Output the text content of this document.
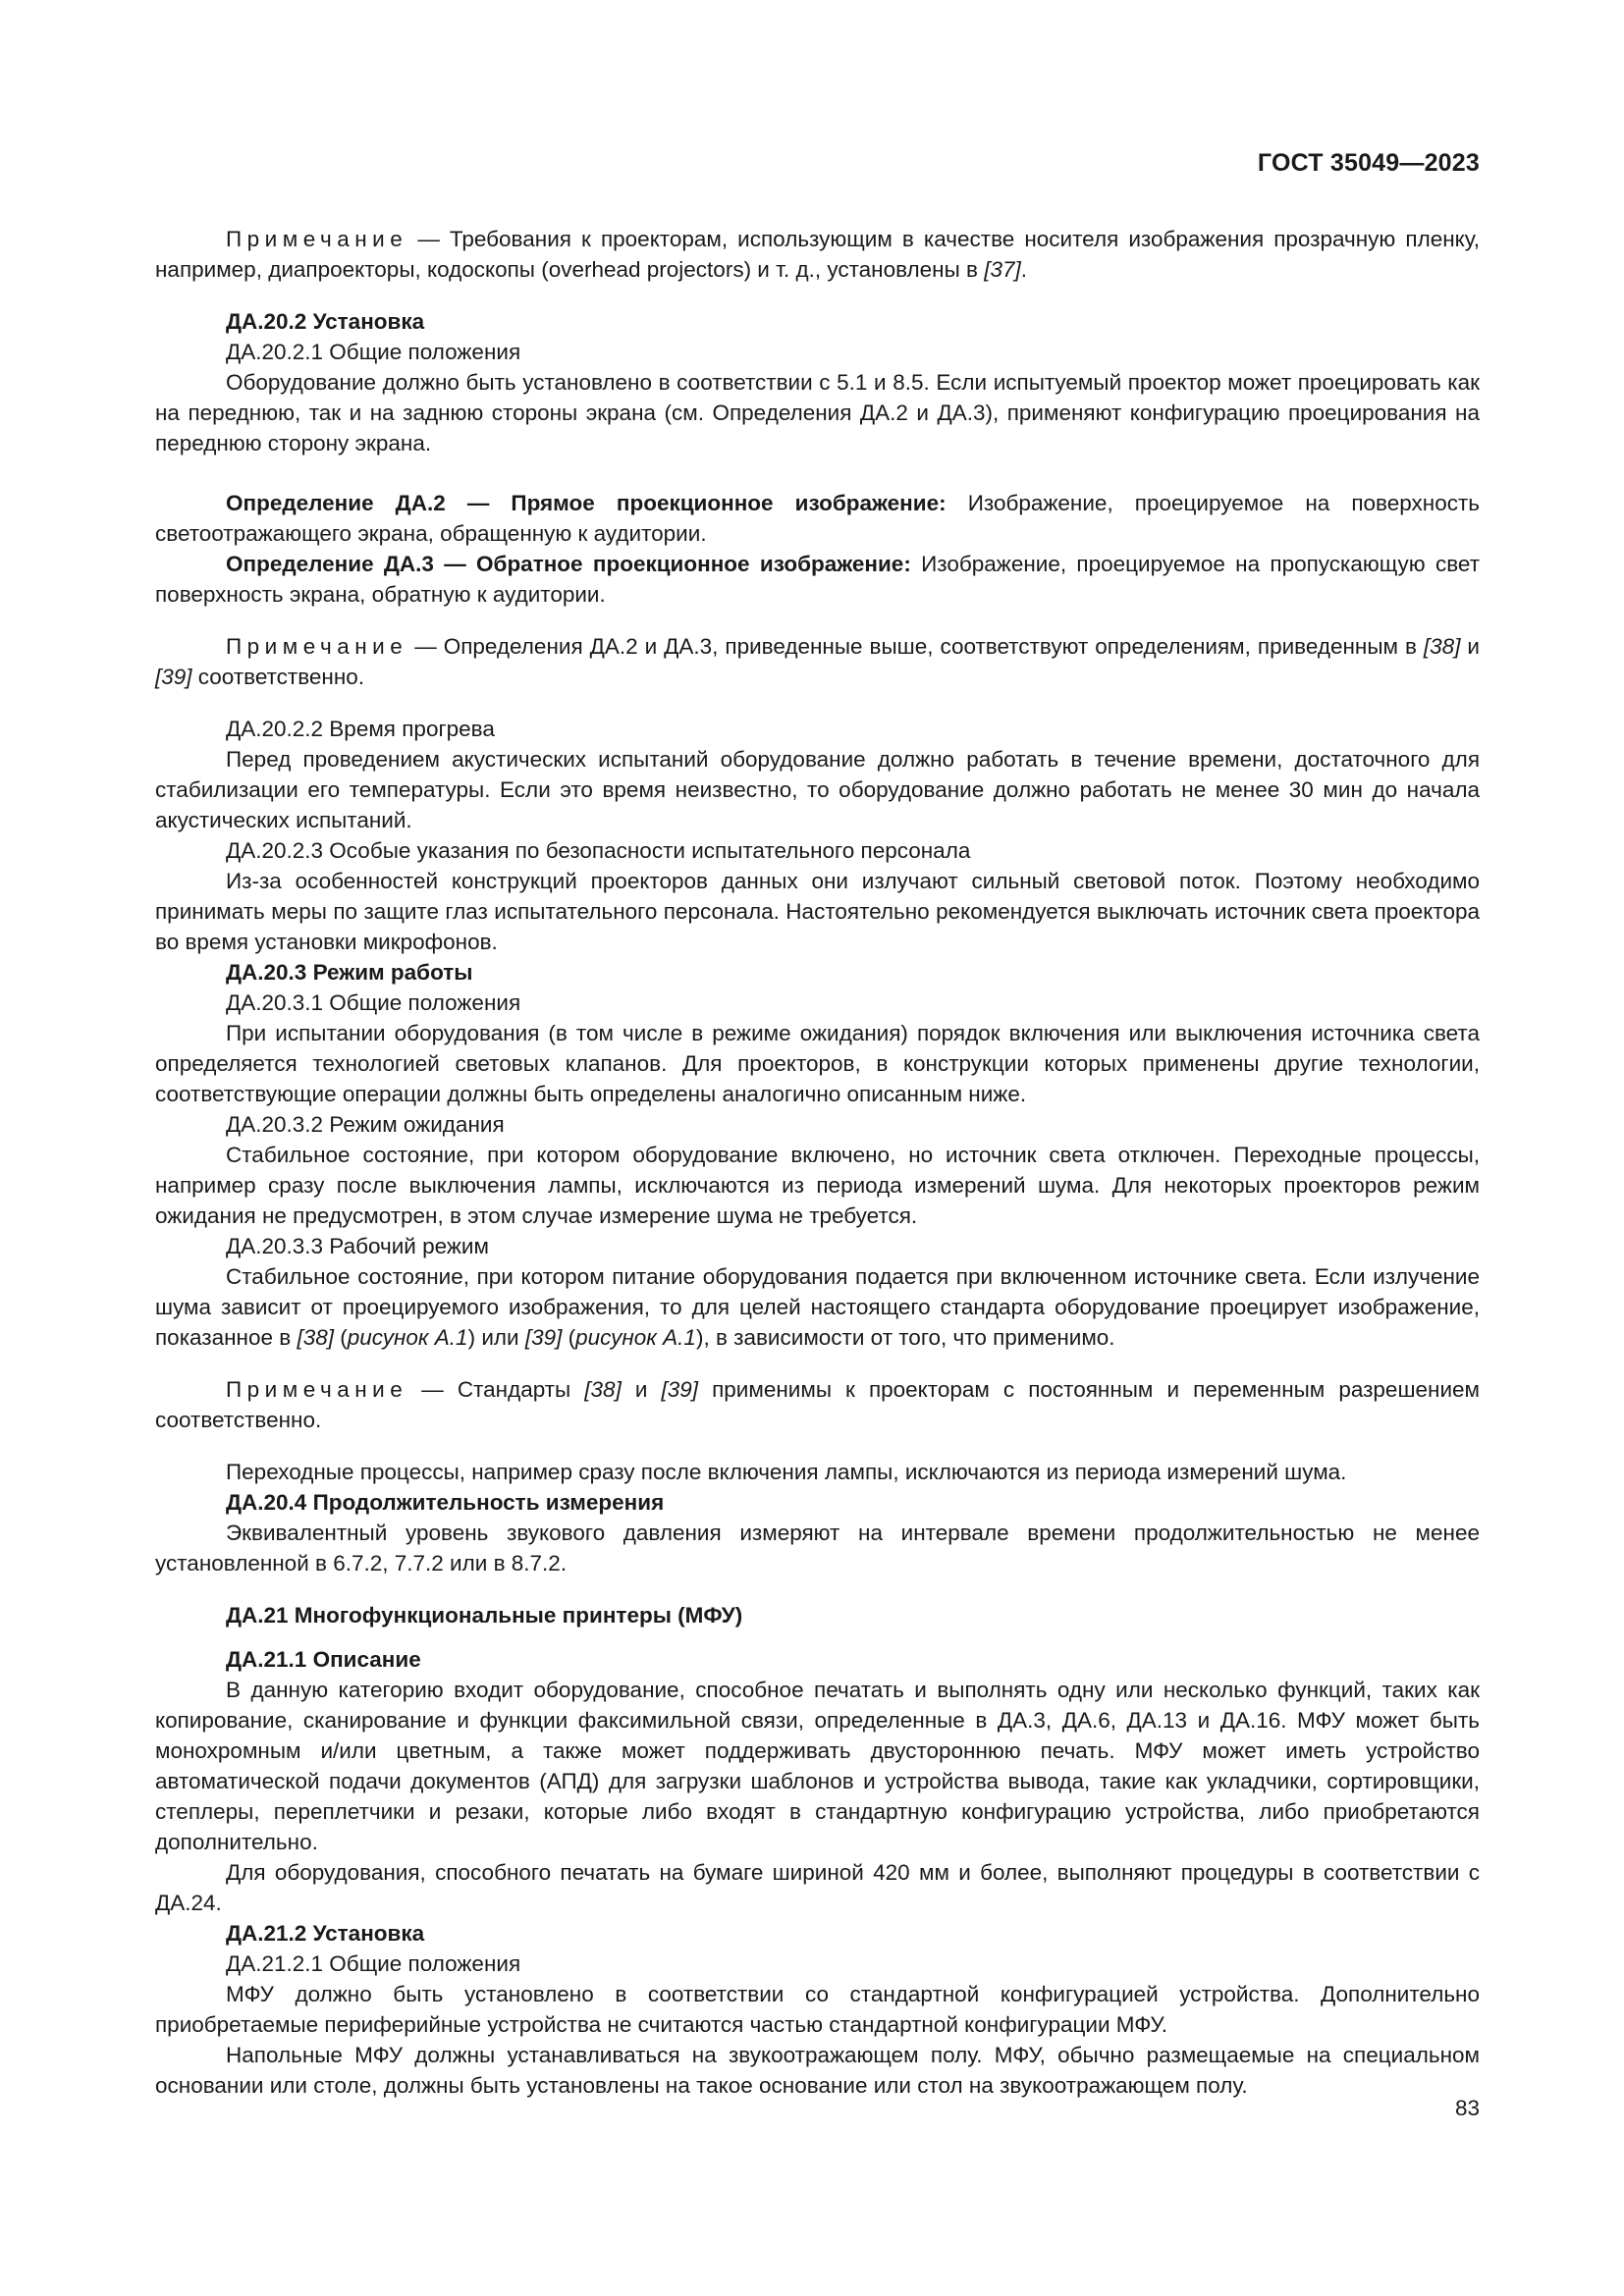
ГОСТ 35049—2023

Примечание — Требования к проекторам, использующим в качестве носителя изображения прозрачную пленку, например, диапроекторы, кодоскопы (overhead projectors) и т. д., установлены в [37].

ДА.20.2 Установка

ДА.20.2.1 Общие положения

Оборудование должно быть установлено в соответствии с 5.1 и 8.5. Если испытуемый проектор может проецировать как на переднюю, так и на заднюю стороны экрана (см. Определения ДА.2 и ДА.3), применяют конфигурацию проецирования на переднюю сторону экрана.

Определение ДА.2 — Прямое проекционное изображение: Изображение, проецируемое на поверхность светоотражающего экрана, обращенную к аудитории.

Определение ДА.3 — Обратное проекционное изображение: Изображение, проецируемое на пропускающую свет поверхность экрана, обратную к аудитории.

Примечание — Определения ДА.2 и ДА.3, приведенные выше, соответствуют определениям, приведенным в [38] и [39] соответственно.

ДА.20.2.2 Время прогрева

Перед проведением акустических испытаний оборудование должно работать в течение времени, достаточного для стабилизации его температуры. Если это время неизвестно, то оборудование должно работать не менее 30 мин до начала акустических испытаний.

ДА.20.2.3 Особые указания по безопасности испытательного персонала

Из-за особенностей конструкций проекторов данных они излучают сильный световой поток. Поэтому необходимо принимать меры по защите глаз испытательного персонала. Настоятельно рекомендуется выключать источник света проектора во время установки микрофонов.

ДА.20.3 Режим работы

ДА.20.3.1 Общие положения

При испытании оборудования (в том числе в режиме ожидания) порядок включения или выключения источника света определяется технологией световых клапанов. Для проекторов, в конструкции которых применены другие технологии, соответствующие операции должны быть определены аналогично описанным ниже.

ДА.20.3.2 Режим ожидания

Стабильное состояние, при котором оборудование включено, но источник света отключен. Переходные процессы, например сразу после выключения лампы, исключаются из периода измерений шума. Для некоторых проекторов режим ожидания не предусмотрен, в этом случае измерение шума не требуется.

ДА.20.3.3 Рабочий режим

Стабильное состояние, при котором питание оборудования подается при включенном источнике света. Если излучение шума зависит от проецируемого изображения, то для целей настоящего стандарта оборудование проецирует изображение, показанное в [38] (рисунок А.1) или [39] (рисунок А.1), в зависимости от того, что применимо.

Примечание — Стандарты [38] и [39] применимы к проекторам с постоянным и переменным разрешением соответственно.

Переходные процессы, например сразу после включения лампы, исключаются из периода измерений шума.

ДА.20.4 Продолжительность измерения

Эквивалентный уровень звукового давления измеряют на интервале времени продолжительностью не менее установленной в 6.7.2, 7.7.2 или в 8.7.2.

ДА.21 Многофункциональные принтеры (МФУ)

ДА.21.1 Описание

В данную категорию входит оборудование, способное печатать и выполнять одну или несколько функций, таких как копирование, сканирование и функции факсимильной связи, определенные в ДА.3, ДА.6, ДА.13 и ДА.16. МФУ может быть монохромным и/или цветным, а также может поддерживать двустороннюю печать. МФУ может иметь устройство автоматической подачи документов (АПД) для загрузки шаблонов и устройства вывода, такие как укладчики, сортировщики, степлеры, переплетчики и резаки, которые либо входят в стандартную конфигурацию устройства, либо приобретаются дополнительно.

Для оборудования, способного печатать на бумаге шириной 420 мм и более, выполняют процедуры в соответствии с ДА.24.

ДА.21.2 Установка

ДА.21.2.1 Общие положения

МФУ должно быть установлено в соответствии со стандартной конфигурацией устройства. Дополнительно приобретаемые периферийные устройства не считаются частью стандартной конфигурации МФУ.

Напольные МФУ должны устанавливаться на звукоотражающем полу. МФУ, обычно размещаемые на специальном основании или столе, должны быть установлены на такое основание или стол на звукоотражающем полу.

83
